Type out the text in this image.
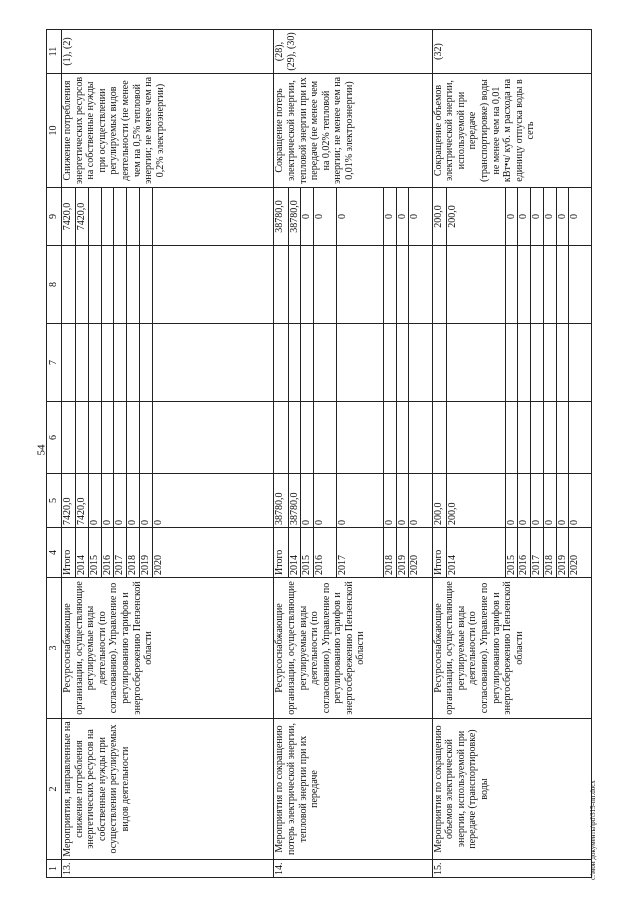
54
1	2	3	4	5	6	7	8	9	10	11
13.	Мероприятия, направленные на снижение потребления энергетических ресурсов на собственные нужды при осуществлении регулируемых видов деятельности	Ресурсоснабжающие организации, осуществляющие регулируемые виды деятельности (по согласованию). Управление по регулированию тарифов и энергосбережению Пензенской области	Итого	7420,0				7420,0	Снижение потребления энергетических ресурсов на собственные нужды при осуществлении регулируемых видов деятельности (не менее чем на 0,5% тепловой энергии; не менее чем на 0,2% электроэнергии)	(1), (2)
			2014	7420,0				7420,0		
			2015	0						
			2016	0						
			2017	0						
			2018	0						
			2019	0						
			2020	0						
14.	Мероприятия по сокращению потерь электрической энергии, тепловой энергии при их передаче	Ресурсоснабжающие организации, осуществляющие регулируемые виды деятельности (по согласованию), Управление по регулированию тарифов и энергосбережению Пензенской области	Итого	38780,0				38780,0	Сокращение потерь электрической энергии, тепловой энергии при их передаче (не менее чем на 0,02% тепловой энергии; не менее чем на 0,01% электроэнергии)	(28), (29), (30)
			2014	38780,0				38780,0		
			2015	0				0		
			2016	0				0		
			2017	0				0		
			2018	0				0		
			2019	0				0		
			2020	0				0		
15.	Мероприятия по сокращению объемов электрической энергии, используемой при передаче (транспортировке) воды	Ресурсоснабжающие организации, осуществляющие регулируемые виды деятельности (по согласованию). Управление по регулированию тарифов и энергосбережению Пензенской области	Итого	200,0				200,0	Сокращение объемов электрической энергии, используемой при передаче (транспортировке) воды не менее чем на 0,01 кВт•ч/ куб. м расхода на единицу отпуска воды в сеть	(32)
			2014	200,0				200,0		
			2015	0				0		
			2016	0				0		
			2017	0				0		
			2018	0				0		
			2019	0				0		
			2020	0				0		
c:\мои документы\pd\315-пп.docx
